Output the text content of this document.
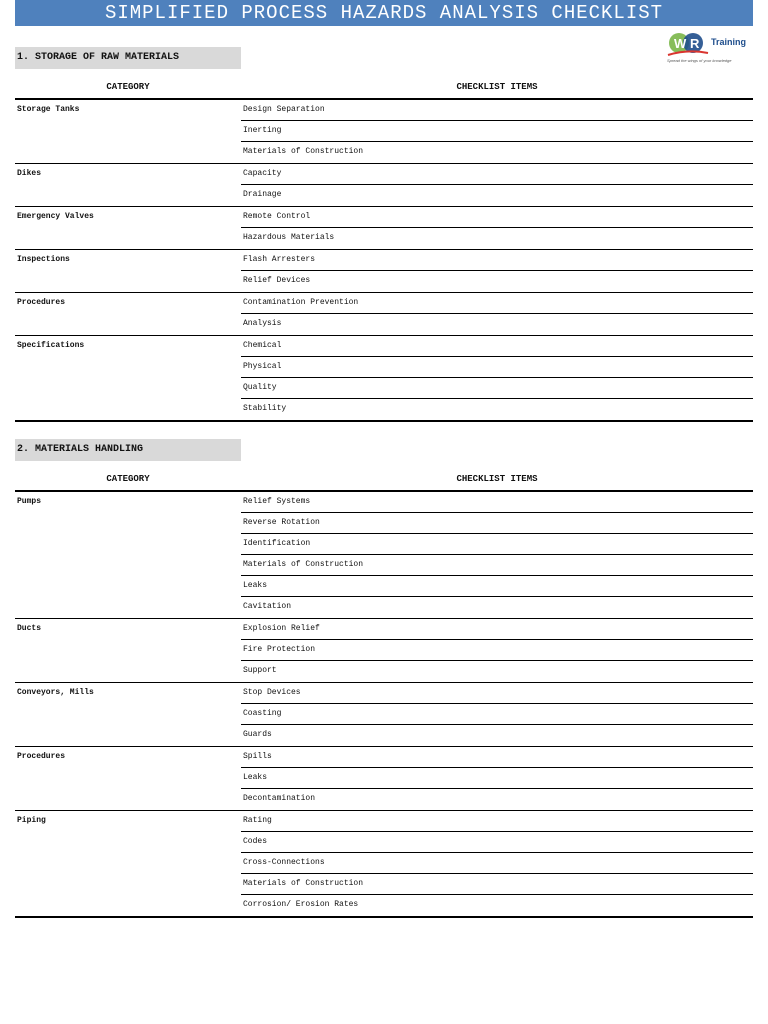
SIMPLIFIED PROCESS HAZARDS ANALYSIS CHECKLIST
W R Training
Spread the wings of your knowledge
1. STORAGE OF RAW MATERIALS
CATEGORY	CHECKLIST ITEMS
Storage Tanks	Design Separation
Inerting
Materials of Construction
Dikes	Capacity
Drainage
Emergency Valves	Remote Control
Hazardous Materials
Inspections	Flash Arresters
Relief Devices
Procedures	Contamination Prevention
Analysis
Specifications	Chemical
Physical
Quality
Stability
2. MATERIALS HANDLING
CATEGORY	CHECKLIST ITEMS
Pumps	Relief Systems
Reverse Rotation
Identification
Materials of Construction
Leaks
Cavitation
Ducts	Explosion Relief
Fire Protection
Support
Conveyors, Mills	Stop Devices
Coasting
Guards
Procedures	Spills
Leaks
Decontamination
Piping	Rating
Codes
Cross-Connections
Materials of Construction
Corrosion/ Erosion Rates
